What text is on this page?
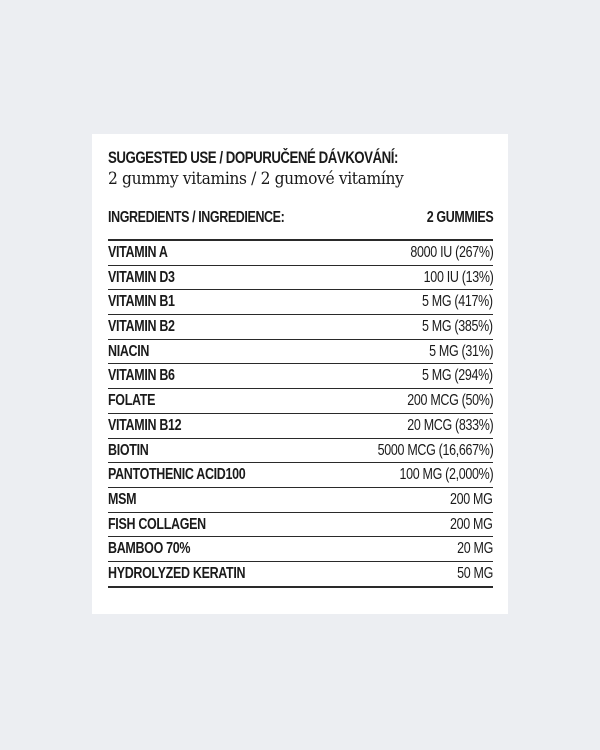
SUGGESTED USE / DOPURUČENÉ DÁVKOVÁNÍ:
2 gummy vitamins / 2 gumové vitamíny
INGREDIENTS / INGREDIENCE:	2 GUMMIES
VITAMIN A	8000 IU (267%)
VITAMIN D3	100 IU (13%)
VITAMIN B1	5 MG (417%)
VITAMIN B2	5 MG (385%)
NIACIN	5 MG (31%)
VITAMIN B6	5 MG (294%)
FOLATE	200 MCG (50%)
VITAMIN B12	20 MCG (833%)
BIOTIN	5000 MCG (16,667%)
PANTOTHENIC ACID100	100 MG (2,000%)
MSM	200 MG
FISH COLLAGEN	200 MG
BAMBOO 70%	20 MG
HYDROLYZED KERATIN	50 MG
